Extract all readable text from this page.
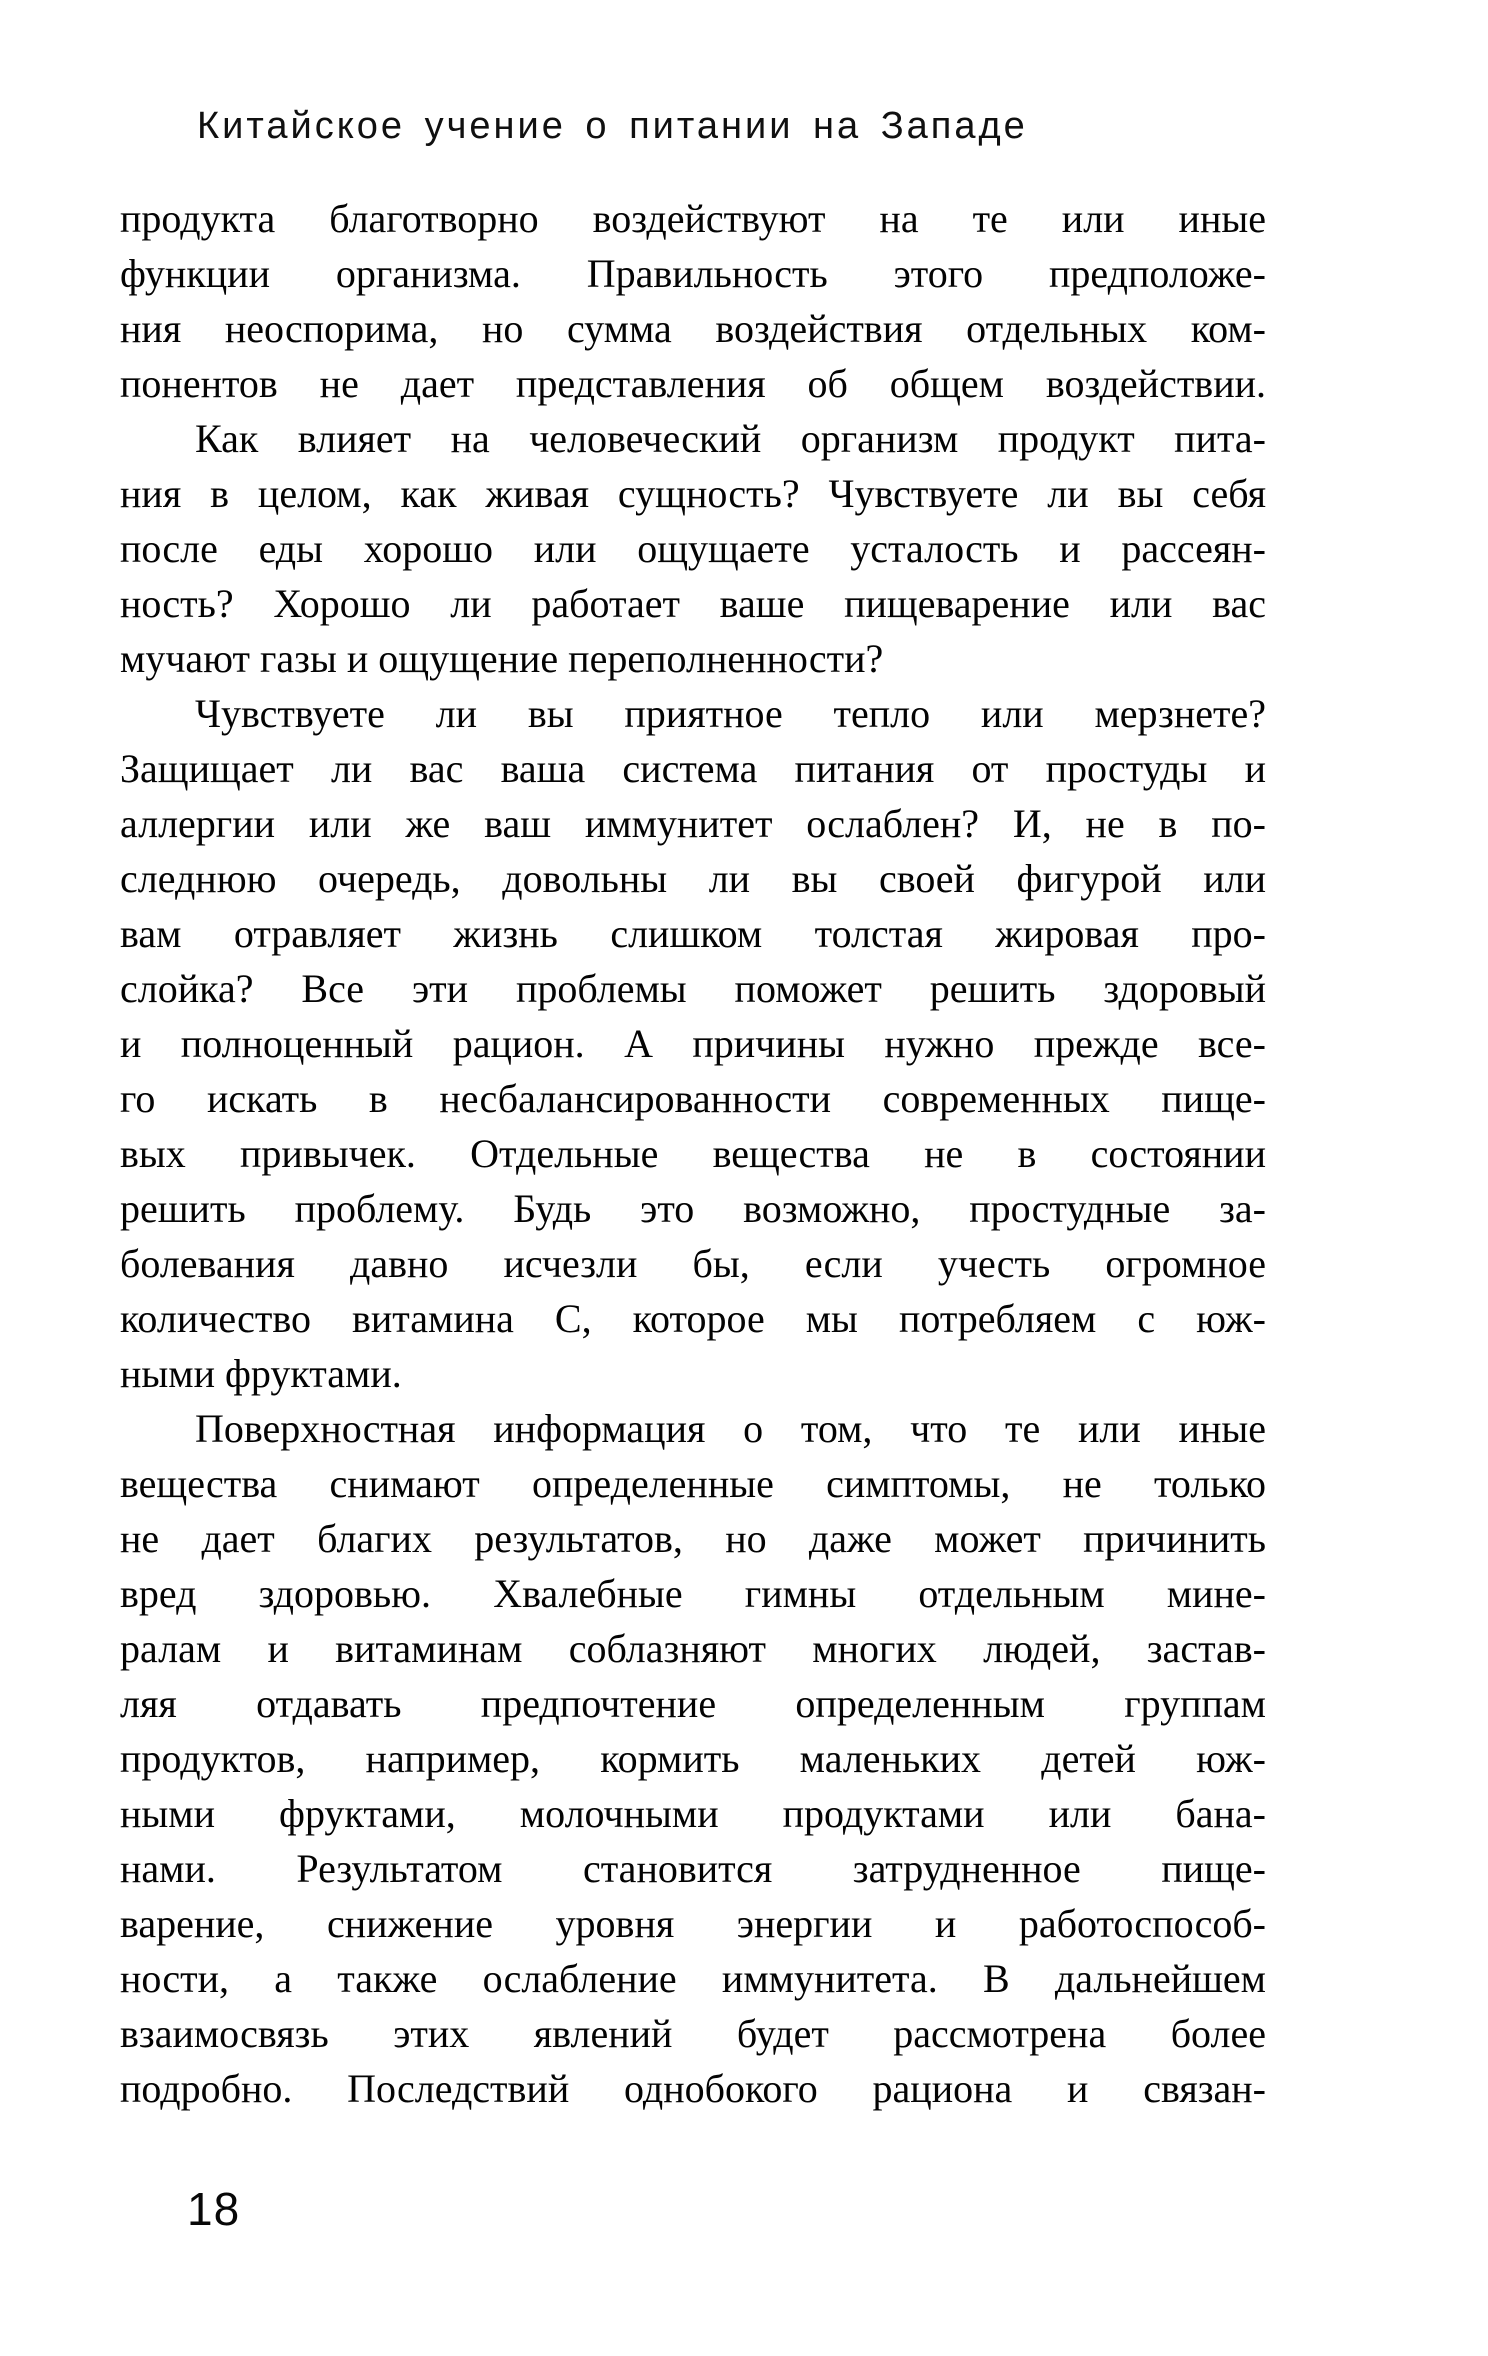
Китайское учение о питании на Западе
продукта благотворно воздействуют на те или иные
функции организма. Правильность этого предположе-
ния неоспорима, но сумма воздействия отдельных ком-
понентов не дает представления об общем воздействии.
Как влияет на человеческий организм продукт пита-
ния в целом, как живая сущность? Чувствуете ли вы себя
после еды хорошо или ощущаете усталость и рассеян-
ность? Хорошо ли работает ваше пищеварение или вас
мучают газы и ощущение переполненности?
Чувствуете ли вы приятное тепло или мерзнете?
Защищает ли вас ваша система питания от простуды и
аллергии или же ваш иммунитет ослаблен? И, не в по-
следнюю очередь, довольны ли вы своей фигурой или
вам отравляет жизнь слишком толстая жировая про-
слойка? Все эти проблемы поможет решить здоровый
и полноценный рацион. А причины нужно прежде все-
го искать в несбалансированности современных пище-
вых привычек. Отдельные вещества не в состоянии
решить проблему. Будь это возможно, простудные за-
болевания давно исчезли бы, если учесть огромное
количество витамина С, которое мы потребляем с юж-
ными фруктами.
Поверхностная информация о том, что те или иные
вещества снимают определенные симптомы, не только
не дает благих результатов, но даже может причинить
вред здоровью. Хвалебные гимны отдельным мине-
ралам и витаминам соблазняют многих людей, застав-
ляя отдавать предпочтение определенным группам
продуктов, например, кормить маленьких детей юж-
ными фруктами, молочными продуктами или бана-
нами. Результатом становится затрудненное пище-
варение, снижение уровня энергии и работоспособ-
ности, а также ослабление иммунитета. В дальнейшем
взаимосвязь этих явлений будет рассмотрена более
подробно. Последствий однобокого рациона и связан-
18
